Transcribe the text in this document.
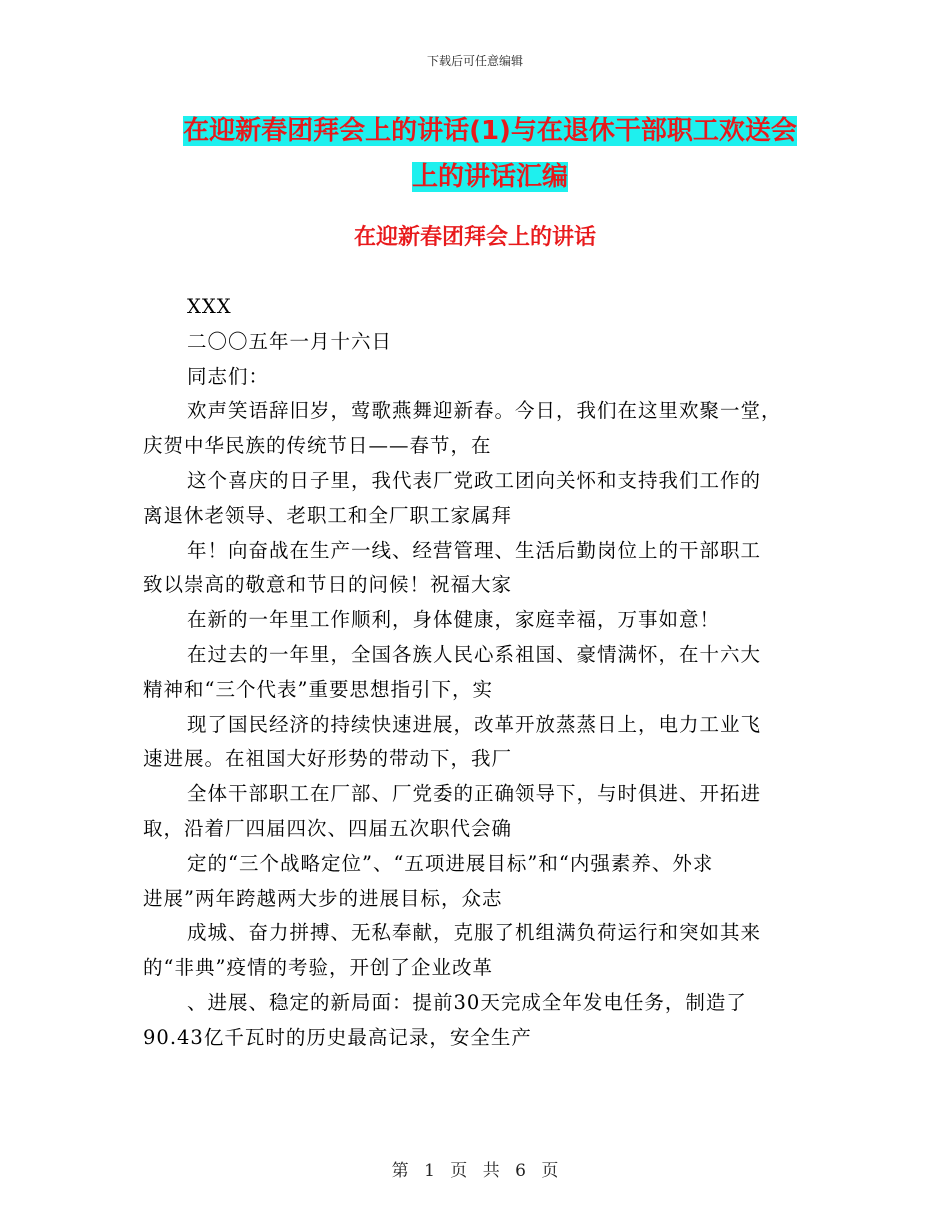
下载后可任意编辑
在迎新春团拜会上的讲话(1)与在退休干部职工欢送会
上的讲话汇编
在迎新春团拜会上的讲话
XXX
二〇〇五年一月十六日
同志们：
欢声笑语辞旧岁，莺歌燕舞迎新春。今日，我们在这里欢聚一堂，
庆贺中华民族的传统节日——春节，在
这个喜庆的日子里，我代表厂党政工团向关怀和支持我们工作的
离退休老领导、老职工和全厂职工家属拜
年！向奋战在生产一线、经营管理、生活后勤岗位上的干部职工
致以崇高的敬意和节日的问候！祝福大家
在新的一年里工作顺利，身体健康，家庭幸福，万事如意！
在过去的一年里，全国各族人民心系祖国、豪情满怀，在十六大
精神和“三个代表”重要思想指引下，实
现了国民经济的持续快速进展，改革开放蒸蒸日上，电力工业飞
速进展。在祖国大好形势的带动下，我厂
全体干部职工在厂部、厂党委的正确领导下，与时俱进、开拓进
取，沿着厂四届四次、四届五次职代会确
定的“三个战略定位”、“五项进展目标”和“内强素养、外求
进展”两年跨越两大步的进展目标，众志
成城、奋力拼搏、无私奉献，克服了机组满负荷运行和突如其来
的“非典”疫情的考验，开创了企业改革
、进展、稳定的新局面：提前30天完成全年发电任务，制造了
90.43亿千瓦时的历史最高记录，安全生产
第 1 页 共 6 页
